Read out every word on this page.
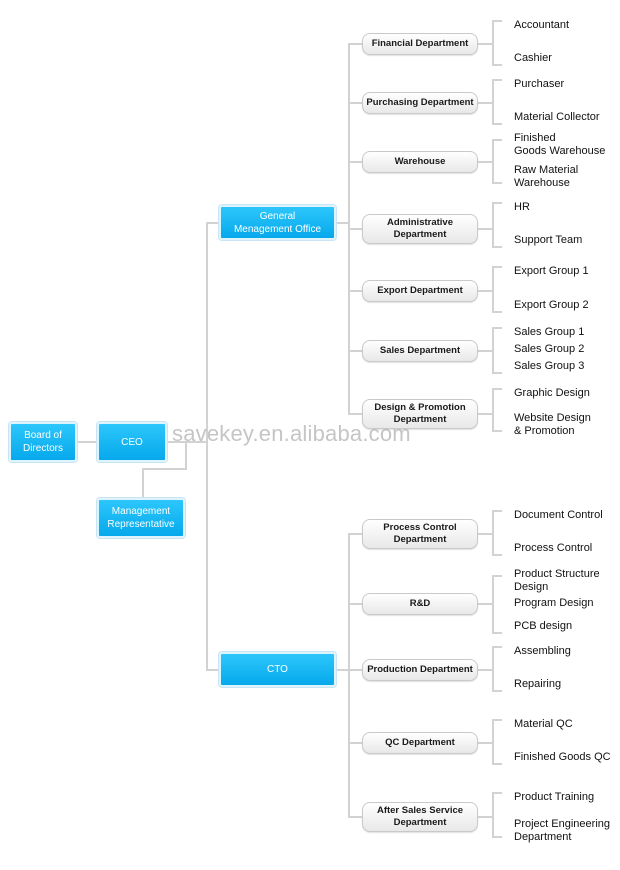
Board of
Directors
CEO
Management
Representative
General
Menagement Office
CTO
Financial Department
Accountant
Cashier
Purchasing Department
Purchaser
Material Collector
Warehouse
Finished
Goods Warehouse
Raw Material
Warehouse
Administrative
Department
HR
Support Team
Export Department
Export Group 1
Export Group 2
Sales Department
Sales Group 1
Sales Group 2
Sales Group 3
Design & Promotion
Department
Graphic Design
Website Design
& Promotion
Process Control
Department
Document Control
Process Control
R&D
Product Structure
Design
Program Design
PCB design
Production Department
Assembling
Repairing
QC Department
Material QC
Finished Goods QC
After Sales Service
Department
Product Training
Project Engineering
Department
savekey.en.alibaba.com
